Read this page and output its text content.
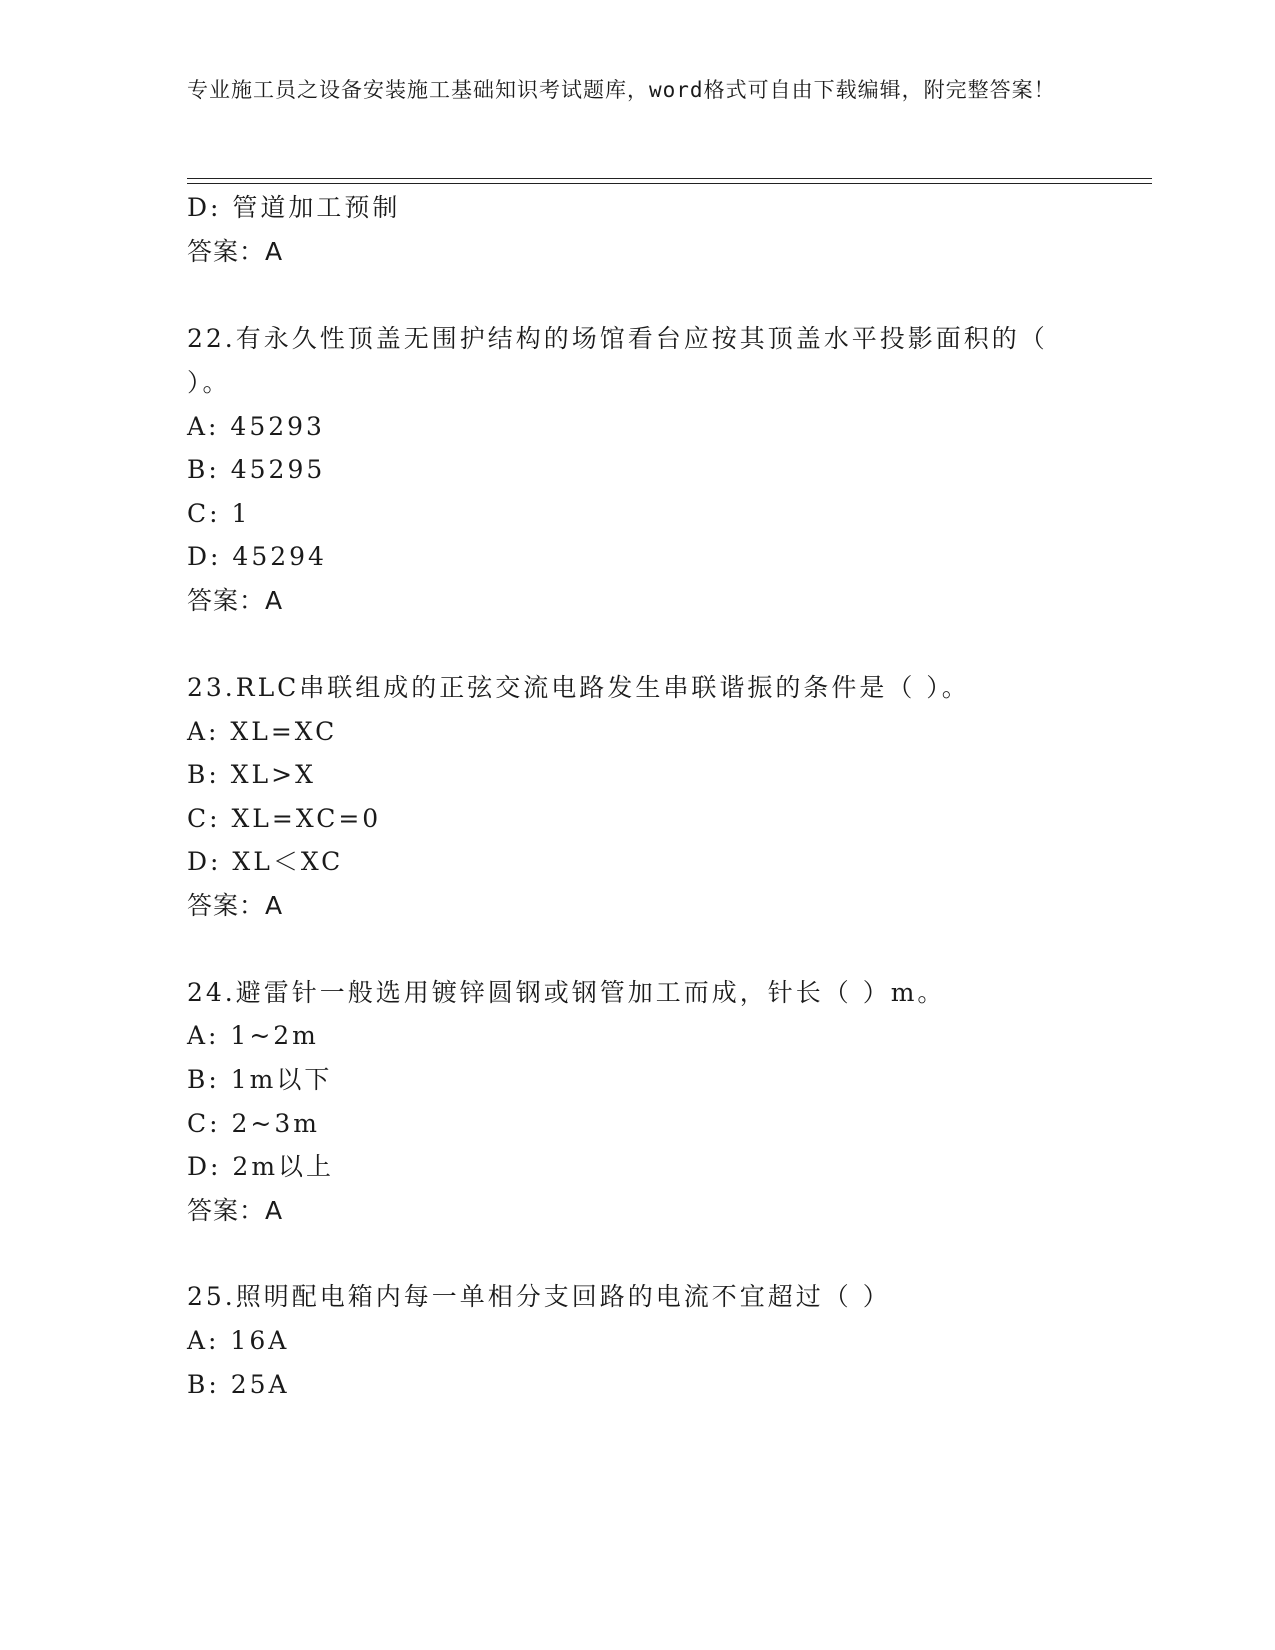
专业施工员之设备安装施工基础知识考试题库，word格式可自由下载编辑，附完整答案！
D: 管道加工预制
答案：A
22.有永久性顶盖无围护结构的场馆看台应按其顶盖水平投影面积的（
）。
A: 45293
B: 45295
C: 1
D: 45294
答案：A
23.RLC串联组成的正弦交流电路发生串联谐振的条件是（ ）。
A: XL=XC
B: XL>X
C: XL=XC=0
D: XL＜XC
答案：A
24.避雷针一般选用镀锌圆钢或钢管加工而成，针长（ ）m。
A: 1~2m
B: 1m以下
C: 2~3m
D: 2m以上
答案：A
25.照明配电箱内每一单相分支回路的电流不宜超过（ ）
A: 16A
B: 25A
